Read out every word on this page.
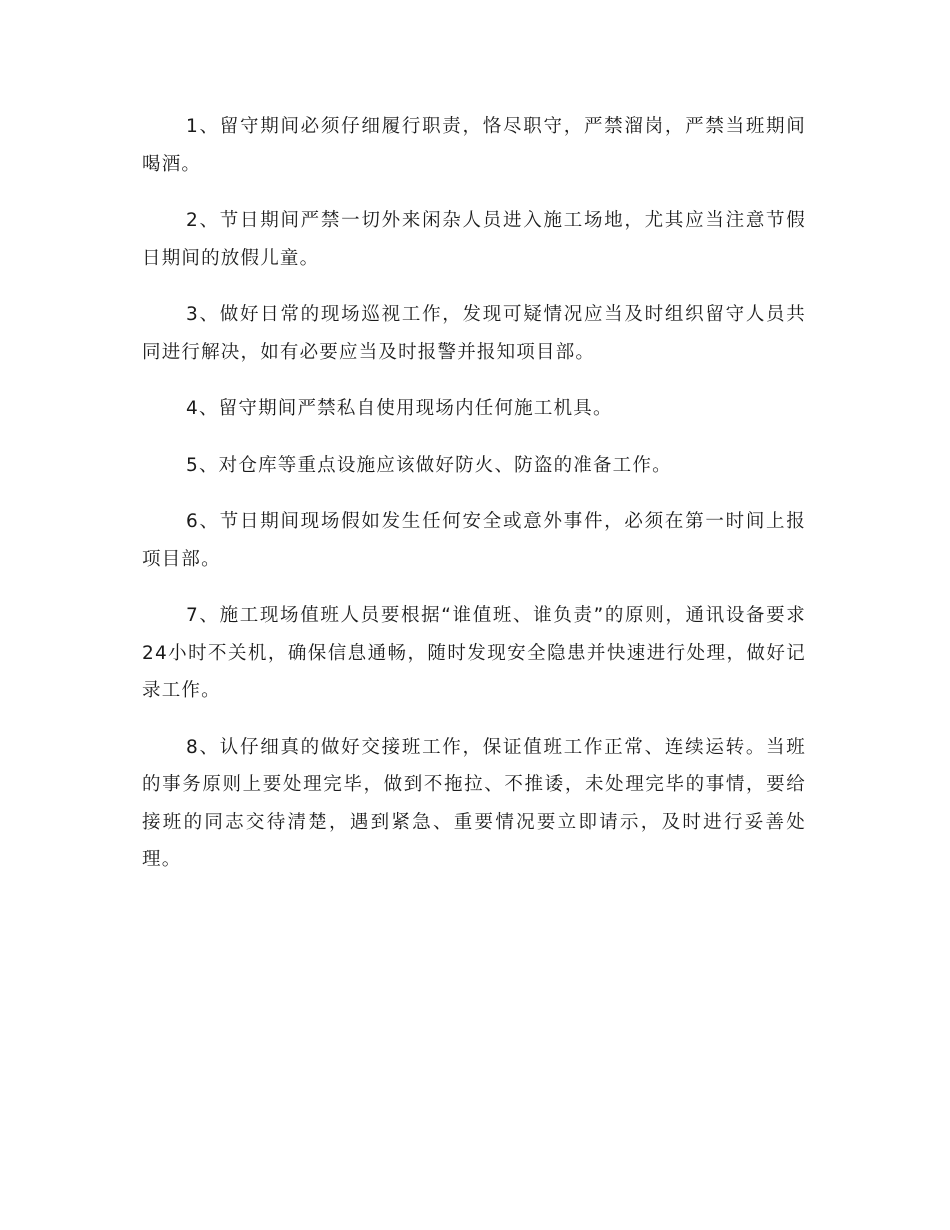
1、留守期间必须仔细履行职责，恪尽职守，严禁溜岗，严禁当班期间喝酒。

2、节日期间严禁一切外来闲杂人员进入施工场地，尤其应当注意节假日期间的放假儿童。

3、做好日常的现场巡视工作，发现可疑情况应当及时组织留守人员共同进行解决，如有必要应当及时报警并报知项目部。

4、留守期间严禁私自使用现场内任何施工机具。

5、对仓库等重点设施应该做好防火、防盗的准备工作。

6、节日期间现场假如发生任何安全或意外事件，必须在第一时间上报项目部。

7、施工现场值班人员要根据“谁值班、谁负责”的原则，通讯设备要求24小时不关机，确保信息通畅，随时发现安全隐患并快速进行处理，做好记录工作。

8、认仔细真的做好交接班工作，保证值班工作正常、连续运转。当班的事务原则上要处理完毕，做到不拖拉、不推诿，未处理完毕的事情，要给接班的同志交待清楚，遇到紧急、重要情况要立即请示，及时进行妥善处理。
